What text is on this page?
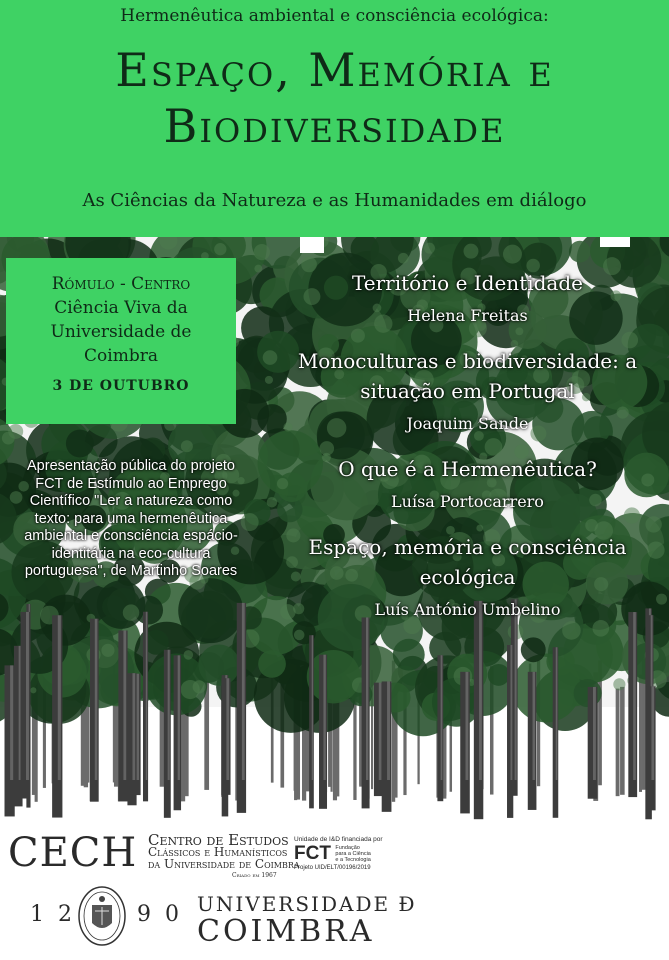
Hermenêutica ambiental e consciência ecológica:
Espaço, Memória e
Biodiversidade
As Ciências da Natureza e as Humanidades em diálogo
Rómulo - Centro
Ciência Viva da
Universidade de
Coimbra
3 DE OUTUBRO
Apresentação pública do projeto FCT de Estímulo ao Emprego Científico "Ler a natureza como texto: para uma hermenêutica ambiental e consciência espácio-identitária na eco-cultura portuguesa", de Martinho Soares
Território e Identidade
Helena Freitas
Monoculturas e biodiversidade: a situação em Portugal
Joaquim Sande
O que é a Hermenêutica?
Luísa Portocarrero
Espaço, memória e consciência ecológica
Luís António Umbelino
CECH Centro de Estudos
Clássicos e Humanísticos
da Universidade de Coimbra
Criado em 1967
Unidade de I&D financiada por
FCT Fundação
para a Ciência
e a Tecnologia
Projeto UID/ELT/00196/2019
12 90 UNIVERSIDADE Ð
COIMBRA
